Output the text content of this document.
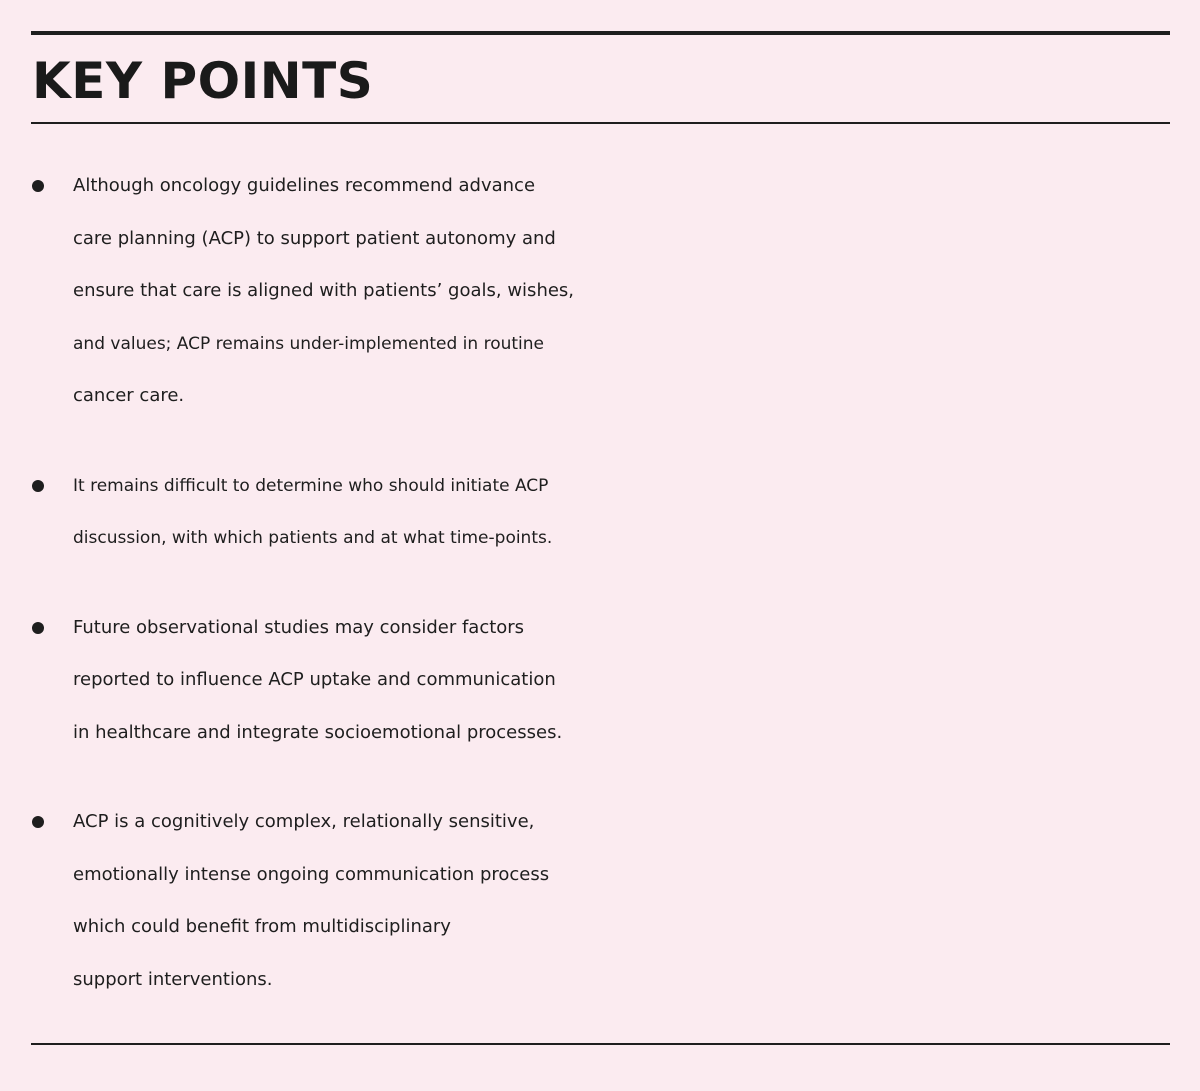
KEY POINTS
Although oncology guidelines recommend advance
care planning (ACP) to support patient autonomy and
ensure that care is aligned with patients’ goals, wishes,
and values; ACP remains under-implemented in routine
cancer care.
It remains difficult to determine who should initiate ACP
discussion, with which patients and at what time-points.
Future observational studies may consider factors
reported to influence ACP uptake and communication
in healthcare and integrate socioemotional processes.
ACP is a cognitively complex, relationally sensitive,
emotionally intense ongoing communication process
which could benefit from multidisciplinary
support interventions.
